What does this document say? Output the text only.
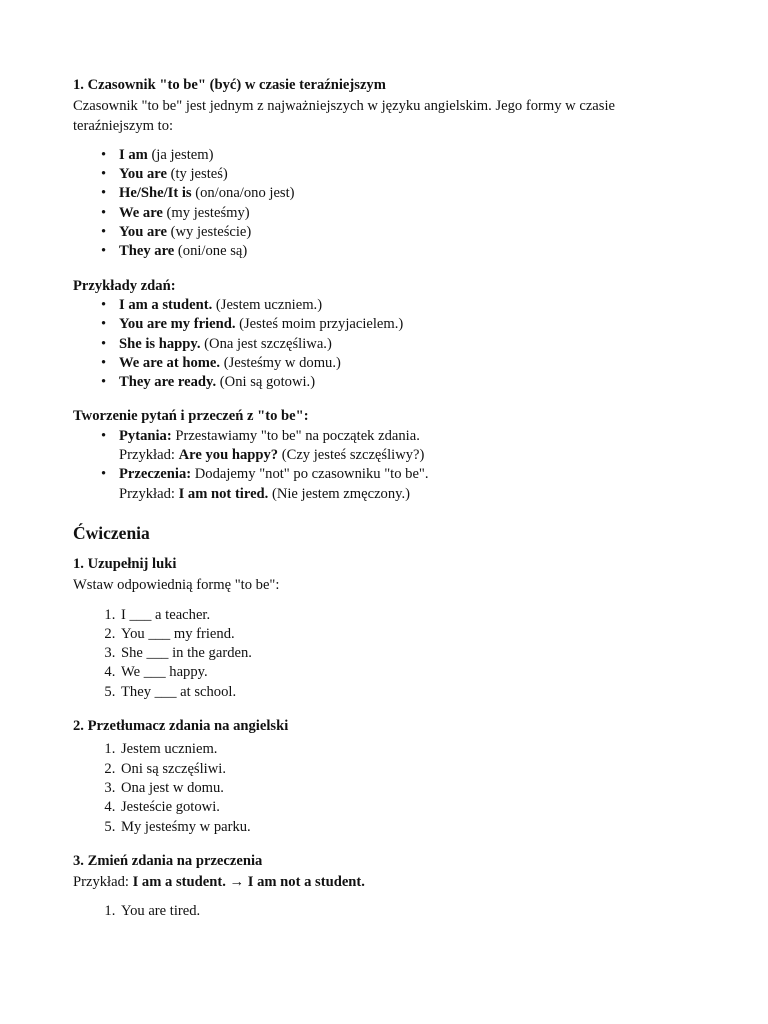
1. Czasownik "to be" (być) w czasie teraźniejszym

Czasownik "to be" jest jednym z najważniejszych w języku angielskim. Jego formy w czasie teraźniejszym to:

• I am (ja jestem)
• You are (ty jesteś)
• He/She/It is (on/ona/ono jest)
• We are (my jesteśmy)
• You are (wy jesteście)
• They are (oni/one są)

Przykłady zdań:

• I am a student. (Jestem uczniem.)
• You are my friend. (Jesteś moim przyjacielem.)
• She is happy. (Ona jest szczęśliwa.)
• We are at home. (Jesteśmy w domu.)
• They are ready. (Oni są gotowi.)

Tworzenie pytań i przeczeń z "to be":

• Pytania: Przestawiamy "to be" na początek zdania.
Przykład: Are you happy? (Czy jesteś szczęśliwy?)
• Przeczenia: Dodajemy "not" po czasowniku "to be".
Przykład: I am not tired. (Nie jestem zmęczony.)

Ćwiczenia

1. Uzupełnij luki

Wstaw odpowiednią formę "to be":

1. I ___ a teacher.
2. You ___ my friend.
3. She ___ in the garden.
4. We ___ happy.
5. They ___ at school.

2. Przetłumacz zdania na angielski

1. Jestem uczniem.
2. Oni są szczęśliwi.
3. Ona jest w domu.
4. Jesteście gotowi.
5. My jesteśmy w parku.

3. Zmień zdania na przeczenia

Przykład: I am a student. → I am not a student.

1. You are tired.
